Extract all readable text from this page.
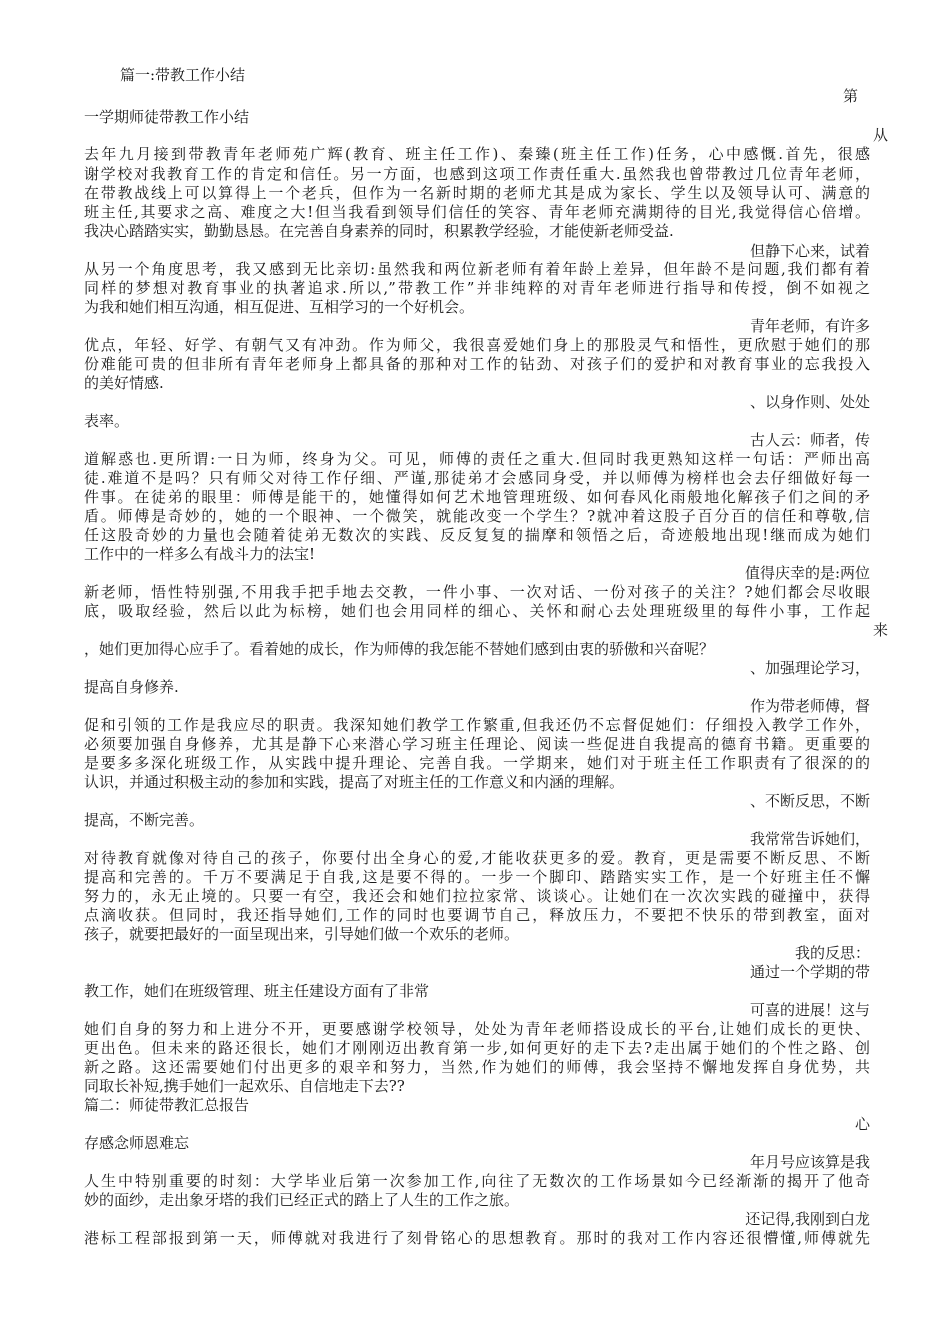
篇一:带教工作小结
第
一学期师徒带教工作小结
从
去年九月接到带教青年老师苑广辉(教育、班主任工作)、秦臻(班主任工作)任务，心中感慨.首先，很感
谢学校对我教育工作的肯定和信任。另一方面，也感到这项工作责任重大.虽然我也曾带教过几位青年老师，
在带教战线上可以算得上一个老兵，但作为一名新时期的老师尤其是成为家长、学生以及领导认可、满意的
班主任,其要求之高、难度之大!但当我看到领导们信任的笑容、青年老师充满期待的目光,我觉得信心倍增。
我决心踏踏实实，勤勤恳恳。在完善自身素养的同时，积累教学经验，才能使新老师受益.
但静下心来，试着
从另一个角度思考，我又感到无比亲切:虽然我和两位新老师有着年龄上差异，但年龄不是问题,我们都有着
同样的梦想对教育事业的执著追求.所以,”带教工作”并非纯粹的对青年老师进行指导和传授，倒不如视之
为我和她们相互沟通，相互促进、互相学习的一个好机会。
青年老师，有许多
优点，年轻、好学、有朝气又有冲劲。作为师父，我很喜爱她们身上的那股灵气和悟性，更欣慰于她们的那
份难能可贵的但非所有青年老师身上都具备的那种对工作的钻劲、对孩子们的爱护和对教育事业的忘我投入
的美好情感.
、以身作则、处处
表率。
古人云：师者，传
道解惑也.更所谓:一日为师，终身为父。可见，师傅的责任之重大.但同时我更熟知这样一句话：严师出高
徒.难道不是吗？只有师父对待工作仔细、严谨,那徒弟才会感同身受，并以师傅为榜样也会去仔细做好每一
件事。在徒弟的眼里：师傅是能干的，她懂得如何艺术地管理班级、如何春风化雨般地化解孩子们之间的矛
盾。师傅是奇妙的，她的一个眼神、一个微笑，就能改变一个学生？?就冲着这股子百分百的信任和尊敬,信
任这股奇妙的力量也会随着徒弟无数次的实践、反反复复的揣摩和领悟之后，奇迹般地出现!继而成为她们
工作中的一样多么有战斗力的法宝!
值得庆幸的是:两位
新老师，悟性特别强,不用我手把手地去交教，一件小事、一次对话、一份对孩子的关注？?她们都会尽收眼
底，吸取经验，然后以此为标榜，她们也会用同样的细心、关怀和耐心去处理班级里的每件小事，工作起
来
，她们更加得心应手了。看着她的成长，作为师傅的我怎能不替她们感到由衷的骄傲和兴奋呢？
、加强理论学习，
提高自身修养.
作为带老师傅，督
促和引领的工作是我应尽的职责。我深知她们教学工作繁重,但我还仍不忘督促她们：仔细投入教学工作外，
必须要加强自身修养，尤其是静下心来潜心学习班主任理论、阅读一些促进自我提高的德育书籍。更重要的
是要多多深化班级工作，从实践中提升理论、完善自我。一学期来，她们对于班主任工作职责有了很深的的
认识，并通过积极主动的参加和实践，提高了对班主任的工作意义和内涵的理解。
、不断反思，不断
提高，不断完善。
我常常告诉她们，
对待教育就像对待自己的孩子，你要付出全身心的爱,才能收获更多的爱。教育，更是需要不断反思、不断
提高和完善的。千万不要满足于自我,这是要不得的。一步一个脚印、踏踏实实工作，是一个好班主任不懈
努力的，永无止境的。只要一有空，我还会和她们拉拉家常、谈谈心。让她们在一次次实践的碰撞中，获得
点滴收获。但同时，我还指导她们,工作的同时也要调节自己，释放压力，不要把不快乐的带到教室，面对
孩子，就要把最好的一面呈现出来，引导她们做一个欢乐的老师。
我的反思：
通过一个学期的带
教工作，她们在班级管理、班主任建设方面有了非常
可喜的进展！这与
她们自身的努力和上进分不开，更要感谢学校领导，处处为青年老师搭设成长的平台,让她们成长的更快、
更出色。但未来的路还很长，她们才刚刚迈出教育第一步,如何更好的走下去?走出属于她们的个性之路、创
新之路。这还需要她们付出更多的艰辛和努力，当然,作为她们的师傅，我会坚持不懈地发挥自身优势，共
同取长补短,携手她们一起欢乐、自信地走下去??
篇二：师徒带教汇总报告
心
存感念师恩难忘
年月号应该算是我
人生中特别重要的时刻：大学毕业后第一次参加工作,向往了无数次的工作场景如今已经渐渐的揭开了他奇
妙的面纱，走出象牙塔的我们已经正式的踏上了人生的工作之旅。
还记得,我刚到白龙
港标工程部报到第一天，师傅就对我进行了刻骨铭心的思想教育。那时的我对工作内容还很懵懂,师傅就先
